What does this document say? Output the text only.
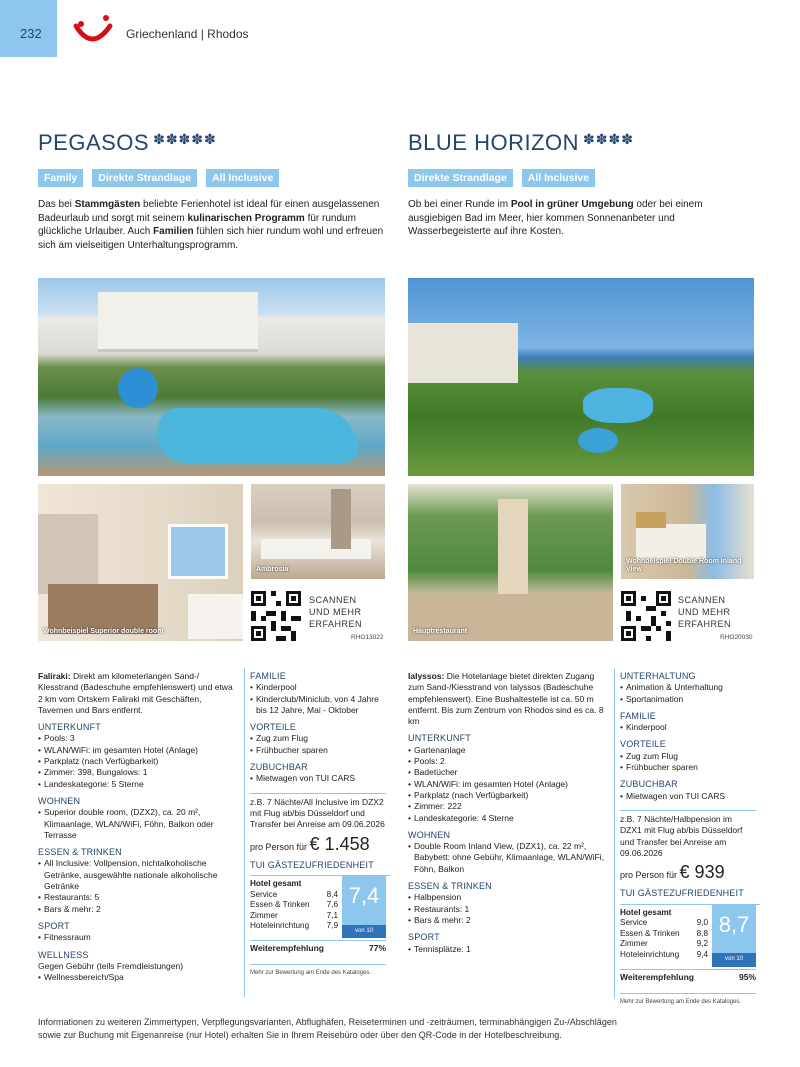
232	Griechenland | Rhodos
PEGASOS ✽✽✽✽✽
Family	Direkte Strandlage	All Inclusive

Das bei Stammgästen beliebte Ferienhotel ist ideal für einen ausgelassenen Badeurlaub und sorgt mit seinem kulinarischen Programm für rundum glückliche Urlauber. Auch Familien fühlen sich hier rundum wohl und erfreuen sich am vielseitigen Unterhaltungsprogramm.

Wohnbeispiel Superior double room
Ambrosia
SCANNEN
UND MEHR
ERFAHREN
RHO13022
Faliraki: Direkt am kilometerlangen Sand-/ Kiesstrand (Badeschuhe empfehlenswert) und etwa 2 km vom Ortskern Faliraki mit Geschäften, Tavernen und Bars entfernt.
UNTERKUNFT
• Pools: 3
• WLAN/WiFi: im gesamten Hotel (Anlage)
• Parkplatz (nach Verfügbarkeit)
• Zimmer: 398, Bungalows: 1
• Landeskategorie: 5 Sterne
WOHNEN
• Superior double room, (DZX2), ca. 20 m², Klimaanlage, WLAN/WiFi, Föhn, Balkon oder Terrasse
ESSEN & TRINKEN
• All Inclusive: Vollpension, nichtalkoholische Getränke, ausgewählte nationale alkoholische Getränke
• Restaurants: 5
• Bars & mehr: 2
SPORT
• Fitnessraum
WELLNESS
Gegen Gebühr (teils Fremdleistungen)
• Wellnessbereich/Spa
FAMILIE
• Kinderpool
• Kinderclub/Miniclub, von 4 Jahre bis 12 Jahre, Mai - Oktober
VORTEILE
• Zug zum Flug
• Frühbucher sparen
ZUBUCHBAR
• Mietwagen von TUI CARS
z.B. 7 Nächte/All Inclusive im DZX2 mit Flug ab/bis Düsseldorf und Transfer bei Anreise am 09.06.2026
pro Person für € 1.458
TUI GÄSTEZUFRIEDENHEIT
Hotel gesamt
Service	8,4
Essen & Trinken 7,6
Zimmer	7,1
Hoteleinrichtung 7,9
7,4
von 10
Weiterempfehlung	77%
Mehr zur Bewertung am Ende des Kataloges.
BLUE HORIZON ✽✽✽✽
Direkte Strandlage	All Inclusive

Ob bei einer Runde im Pool in grüner Umgebung oder bei einem ausgiebigen Bad im Meer, hier kommen Sonnenanbeter und Wasserbegeisterte auf ihre Kosten.

Hauptrestaurant
Wohnbeispiel Double Room Inland View
SCANNEN
UND MEHR
ERFAHREN
RHO20030
Ialyssos: Die Hotelanlage bietet direkten Zugang zum Sand-/Kiesstrand von Ialyssos (Badeschuhe empfehlenswert). Eine Bushaltestelle ist ca. 50 m entfernt. Bis zum Zentrum von Rhodos sind es ca. 8 km
UNTERKUNFT
• Gartenanlage
• Pools: 2
• Badetücher
• WLAN/WiFi: im gesamten Hotel (Anlage)
• Parkplatz (nach Verfügbarkeit)
• Zimmer: 222
• Landeskategorie: 4 Sterne
WOHNEN
• Double Room Inland View, (DZX1), ca. 22 m², Babybett: ohne Gebühr, Klimaanlage, WLAN/WiFi, Föhn, Balkon
ESSEN & TRINKEN
• Halbpension
• Restaurants: 1
• Bars & mehr: 2
SPORT
• Tennisplätze: 1
UNTERHALTUNG
• Animation & Unterhaltung
• Sportanimation
FAMILIE
• Kinderpool
VORTEILE
• Zug zum Flug
• Frühbucher sparen
ZUBUCHBAR
• Mietwagen von TUI CARS
z.B. 7 Nächte/Halbpension im DZX1 mit Flug ab/bis Düsseldorf und Transfer bei Anreise am 09.06.2026
pro Person für € 939
TUI GÄSTEZUFRIEDENHEIT
Hotel gesamt
Service	9,0
Essen & Trinken 8,8
Zimmer	9,2
Hoteleinrichtung 9,4
8,7
von 10
Weiterempfehlung	95%
Mehr zur Bewertung am Ende des Kataloges.
Informationen zu weiteren Zimmertypen, Verpflegungsvarianten, Abflughäfen, Reiseterminen und -zeiträumen, terminabhängigen Zu-/Abschlägen sowie zur Buchung mit Eigenanreise (nur Hotel) erhalten Sie in Ihrem Reisebüro oder über den QR-Code in der Hotelbeschreibung.
